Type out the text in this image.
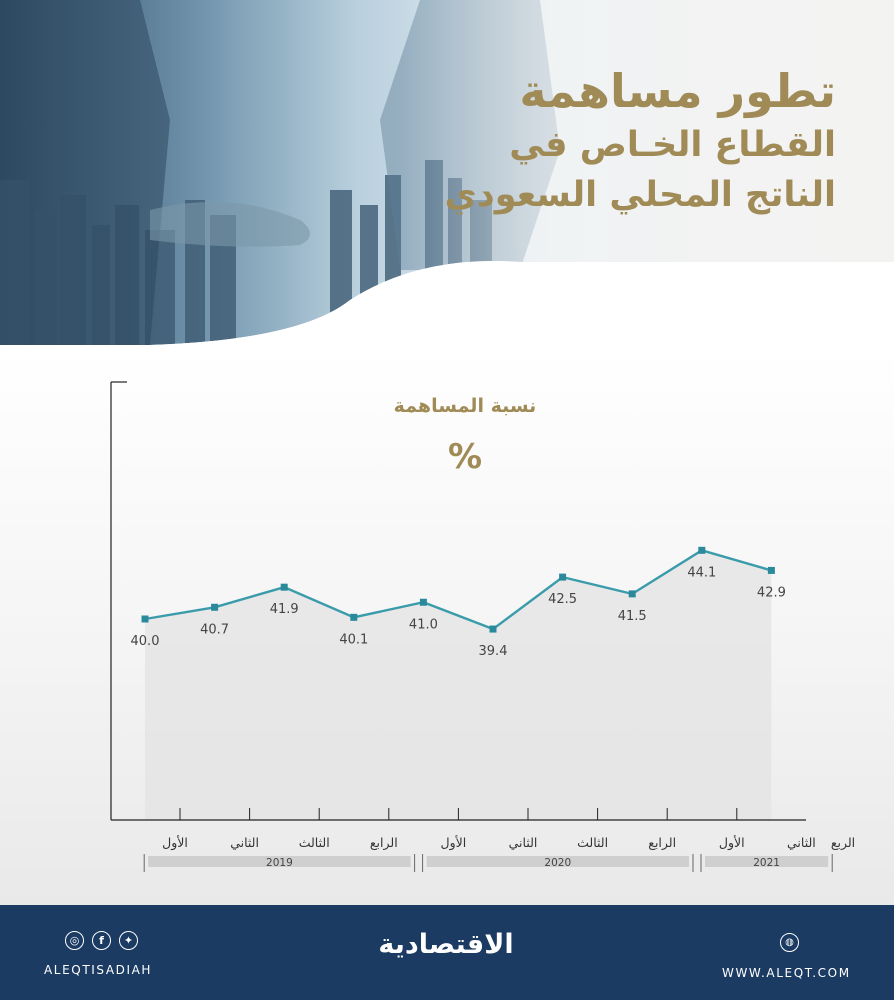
تطور مساهمة

القطاع الخـاص في

الناتج المحلي السعودي

الأول	الثاني	الثالث	الرابع	الأول	الثاني	الثالث	الرابع	الأول	الثاني الربع
2019	2020	2021
40.0
40.7
41.9
40.1
41.0
39.4
42.5
41.5
44.1
42.9
نسبة المساهمة
%
◎	f	✦
ALEQTISADIAH
الاقتصادية	◍
WWW.ALEQT.COM
